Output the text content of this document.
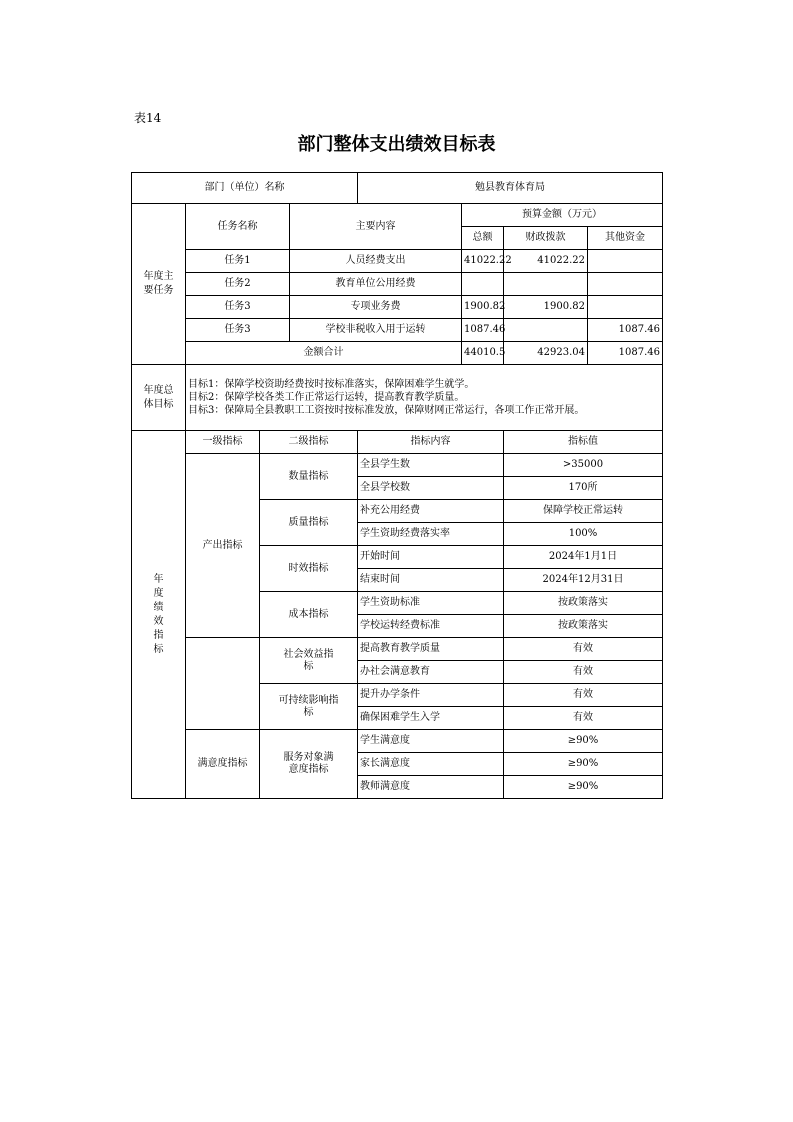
表14
部门整体支出绩效目标表
部门（单位）名称				勉县教育体育局			
年度主要任务	任务名称		主要内容		预算金额（万元）		
					总额	财政拨款	其他资金
	任务1		人员经费支出		41022.22	41022.22	
	任务2		教育单位公用经费				
	任务3		专项业务费		1900.82	1900.82	
	任务3		学校非税收入用于运转		1087.46		1087.46
	金额合计				44010.5	42923.04	1087.46
年度总体目标	目标1：保障学校资助经费按时按标准落实，保障困难学生就学。
目标2：保障学校各类工作正常运行运转，提高教育教学质量。
目标3：保障局全县教职工工资按时按标准发放，保障财网正常运行，各项工作正常开展。						

年度绩效指标	一级指标	二级指标		指标内容		指标值	
	产出指标	数量指标		全县学生数		>35000	
				全县学校数		170所	
		质量指标		补充公用经费		保障学校正常运转	
				学生资助经费落实率		100%	
		时效指标		开始时间		2024年1月1日	
				结束时间		2024年12月31日	
		成本指标		学生资助标准		按政策落实	
				学校运转经费标准		按政策落实	
		社会效益指标		提高教育教学质量		有效	
				办社会满意教育		有效	
		可持续影响指标		提升办学条件		有效	
				确保困难学生入学		有效	
	满意度指标	服务对象满意度指标		学生满意度		≥90%	
				家长满意度		≥90%	
				教师满意度		≥90%	
